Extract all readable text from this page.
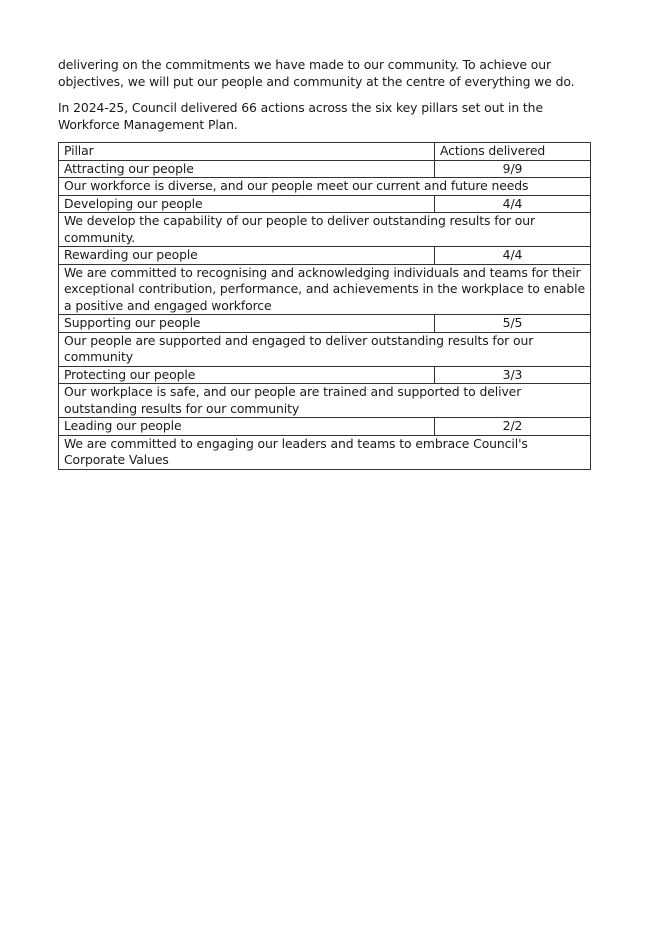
delivering on the commitments we have made to our community. To achieve our objectives, we will put our people and community at the centre of everything we do.

In 2024-25, Council delivered 66 actions across the six key pillars set out in the Workforce Management Plan.

Pillar	Actions delivered
Attracting our people	9/9
Our workforce is diverse, and our people meet our current and future needs	
Developing our people	4/4
We develop the capability of our people to deliver outstanding results for our community.	
Rewarding our people	4/4
We are committed to recognising and acknowledging individuals and teams for their exceptional contribution, performance, and achievements in the workplace to enable a positive and engaged workforce	
Supporting our people	5/5
Our people are supported and engaged to deliver outstanding results for our community	
Protecting our people	3/3
Our workplace is safe, and our people are trained and supported to deliver outstanding results for our community	
Leading our people	2/2
We are committed to engaging our leaders and teams to embrace Council's Corporate Values	
